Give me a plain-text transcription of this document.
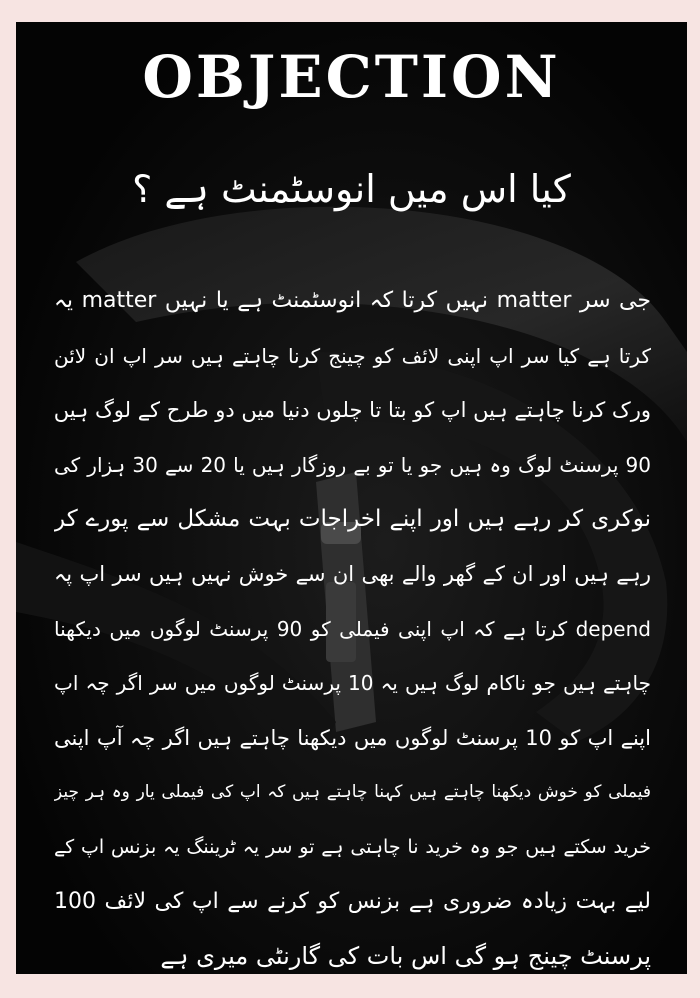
OBJECTION
کیا اس میں انوسٹمنٹ ہے ؟
جی سر matter نہیں کرتا کہ انوسٹمنٹ ہے یا نہیں matter یہ
کرتا ہے کیا سر اپ اپنی لائف کو چینج کرنا چاہتے ہیں سر اپ ان لائن
ورک کرنا چاہتے ہیں اپ کو بتا تا چلوں دنیا میں دو طرح کے لوگ ہیں
90 پرسنٹ لوگ وہ ہیں جو یا تو بے روزگار ہیں یا 20 سے 30 ہزار کی
نوکری کر رہے ہیں اور اپنے اخراجات بہت مشکل سے پورے کر
رہے ہیں اور ان کے گھر والے بھی ان سے خوش نہیں ہیں سر اپ پہ
depend کرتا ہے کہ اپ اپنی فیملی کو 90 پرسنٹ لوگوں میں دیکھنا
چاہتے ہیں جو ناکام لوگ ہیں یہ 10 پرسنٹ لوگوں میں سر اگر چہ اپ
اپنے اپ کو 10 پرسنٹ لوگوں میں دیکھنا چاہتے ہیں اگر چہ آپ اپنی
فیملی کو خوش دیکھنا چاہتے ہیں کہنا چاہتے ہیں کہ اپ کی فیملی یار وہ ہر چیز
خرید سکتے ہیں جو وہ خرید نا چاہتی ہے تو سر یہ ٹریننگ یہ بزنس اپ کے
لیے بہت زیادہ ضروری ہے بزنس کو کرنے سے اپ کی لائف 100
پرسنٹ چینج ہو گی اس بات کی گارنٹی میری ہے
